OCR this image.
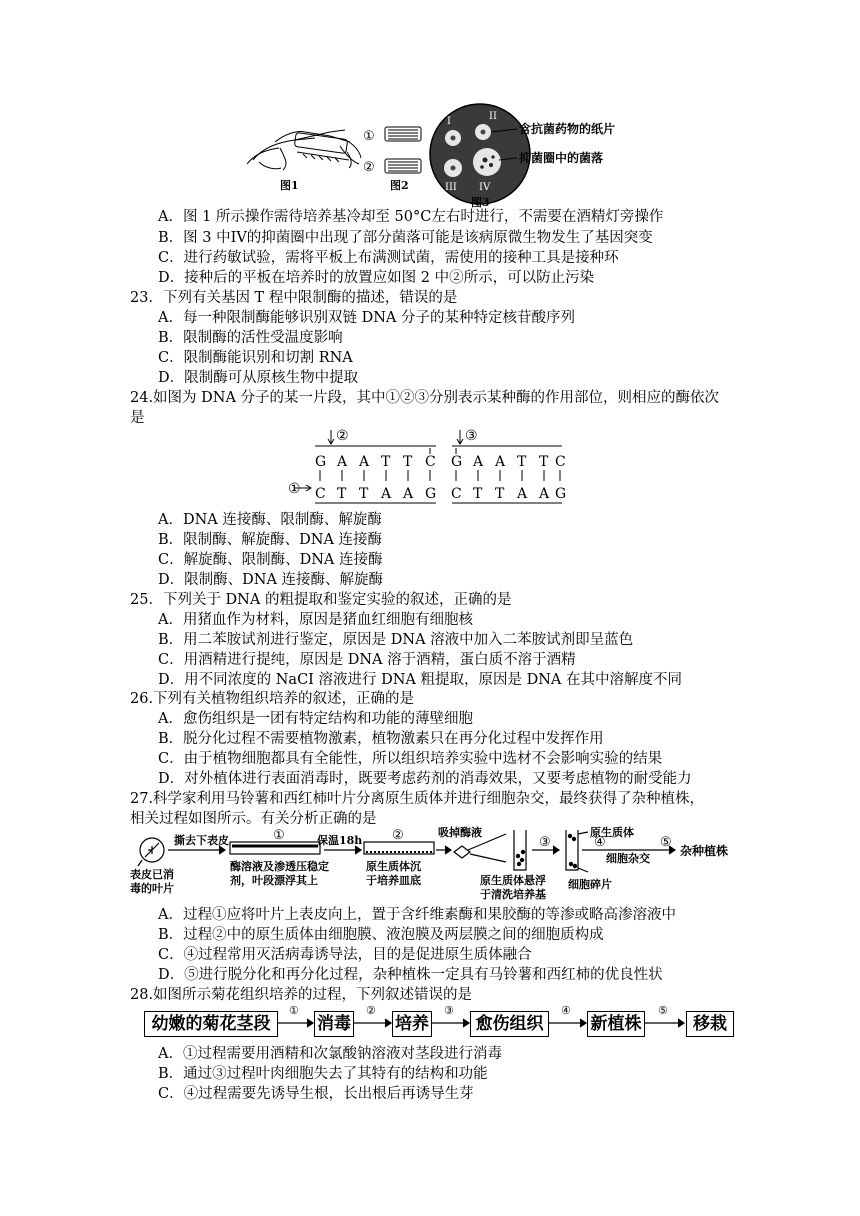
①
②
I	II
III IV
含抗菌药物的纸片
抑菌圈中的菌落
图1	图2
图3
A．图 1 所示操作需待培养基冷却至 50°C左右时进行，不需要在酒精灯旁操作
B．图 3 中IV的抑菌圈中出现了部分菌落可能是该病原微生物发生了基因突变
C．进行药敏试验，需将平板上布满测试菌，需使用的接种工具是接种环
D．接种后的平板在培养时的放置应如图 2 中②所示，可以防止污染
23．下列有关基因 T 程中限制酶的描述，错误的是
A．每一种限制酶能够识别双链 DNA 分子的某种特定核苷酸序列
B．限制酶的活性受温度影响
C．限制酶能识别和切割 RNA
D．限制酶可从原核生物中提取
24.如图为 DNA 分子的某一片段，其中①②③分别表示某种酶的作用部位，则相应的酶依次
是
②	③
①
G A A T T C
C T T A A G
G A A T T C
C T T A A G
A．DNA 连接酶、限制酶、解旋酶
B．限制酶、解旋酶、DNA 连接酶
C．解旋酶、限制酶、DNA 连接酶
D．限制酶、DNA 连接酶、解旋酶
25．下列关于 DNA 的粗提取和鉴定实验的叙述，正确的是
A．用猪血作为材料，原因是猪血红细胞有细胞核
B．用二苯胺试剂进行鉴定，原因是 DNA 溶液中加入二苯胺试剂即呈蓝色
C．用酒精进行提纯，原因是 DNA 溶于酒精，蛋白质不溶于酒精
D．用不同浓度的 NaCI 溶液进行 DNA 粗提取，原因是 DNA 在其中溶解度不同
26.下列有关植物组织培养的叙述，正确的是
A．愈伤组织是一团有特定结构和功能的薄壁细胞
B．脱分化过程不需要植物激素，植物激素只在再分化过程中发挥作用
C．由于植物细胞都具有全能性，所以组织培养实验中选材不会影响实验的结果
D．对外植体进行表面消毒时，既要考虑药剂的消毒效果，又要考虑植物的耐受能力
27.科学家利用马铃薯和西红柿叶片分离原生质体并进行细胞杂交，最终获得了杂种植株，
相关过程如图所示。有关分析正确的是
表皮已消
毒的叶片
撕去下表皮	①
酶溶液及渗透压稳定
剂，叶段漂浮其上
保温18h ②
原生质体沉
于培养皿底
吸掉酶液
原生质体悬浮
于清洗培养基
③
原生质体
④
细胞杂交
⑤
杂种植株
细胞碎片
A．过程①应将叶片上表皮向上，置于含纤维素酶和果胶酶的等渗或略高渗溶液中
B．过程②中的原生质体由细胞膜、液泡膜及两层膜之间的细胞质构成
C．④过程常用灭活病毒诱导法，目的是促进原生质体融合
D．⑤进行脱分化和再分化过程，杂种植株一定具有马铃薯和西红柿的优良性状
28.如图所示菊花组织培养的过程，下列叙述错误的是
幼嫩的菊花茎段	消毒	培养	愈伤组织	新植株	移栽
①	②	③	④	⑤
A．①过程需要用酒精和次氯酸钠溶液对茎段进行消毒
B．通过③过程叶肉细胞失去了其特有的结构和功能
C．④过程需要先诱导生根，长出根后再诱导生芽
